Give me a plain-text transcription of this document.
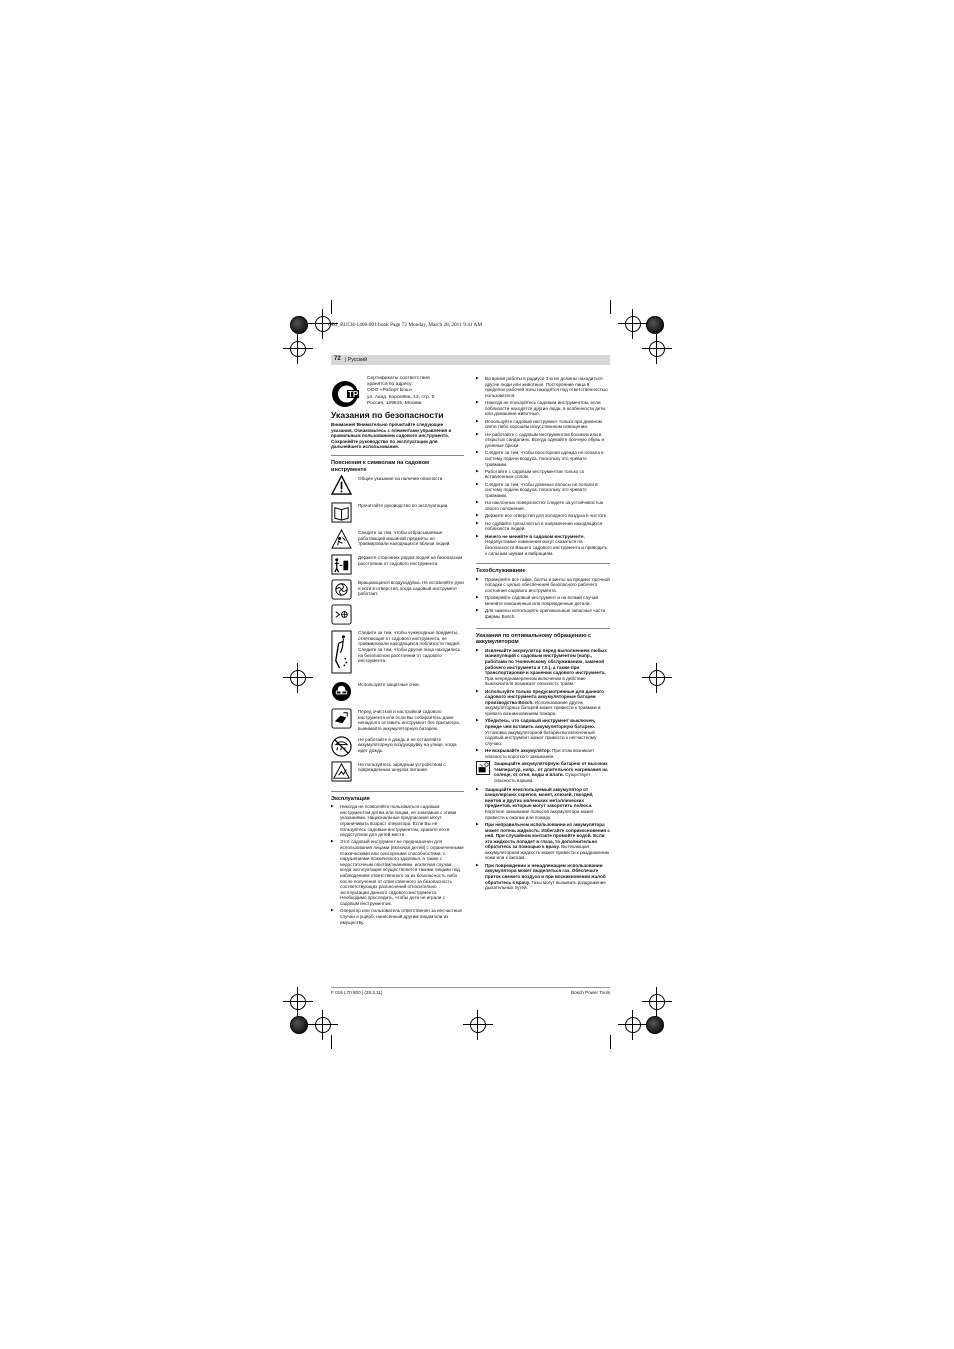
OBJ_BUCH-1406-001.book Page 72 Monday, March 28, 2011 9:41 AM
72 | Русский
ТР
Сертификаты соответствия
хранятся по адресу:
ООО «Роберт Бош»
ул. Акад. Королёва, 13, стр. 5
Россия, 129515, Москва
Указания по безопасности

Внимание! Внимательно прочитайте следующие указания. Ознакомьтесь с элементами управления и правильным пользованием садового инструмента. Сохраняйте руководство по эксплуатации для дальнейшего использования.

Пояснения к символам на садовом инструменте
Общее указание на наличие опасности.
Прочитайте руководство по эксплуатации.
Следите за тем, чтобы отбрасываемые работающей машиной предметы не травмировали находящихся вблизи людей.
Держите сторонних рядом людей на безопасном расстоянии от садового инструмента.
Вращающаяся воздуходувка. Не вставляйте руки и ноги в отверстия, когда садовый инструмент работает.
Следите за тем, чтобы чужеродные предметы, отлетающие от садового инструмента, не травмировали находящихся поблизости людей. Следите за тем, чтобы другие лица находились на безопасном расстоянии от садового инструмента.
Используйте защитные очки.
Перед очисткой и настройкой садового инструмента или если Вы собираетесь даже ненадолго оставить инструмент без присмотра, вынимайте аккумуляторную батарею.
Не работайте в дождь и не оставляйте аккумуляторную воздуходувку на улице, когда идет дождь.
Не пользуйтесь зарядным устройством с поврежденным шнуром питания.
Эксплуатация
▶ Никогда не позволяйте пользоваться садовым инструментом детям или лицам, не знакомым с этими указаниями. Национальные предписания могут ограничивать возраст оператора. Если Вы не пользуйтесь садовым инструментом, храните его в недоступном для детей месте.
▶ Этот садовый инструмент не предназначен для использования лицами (включая детей) с ограниченными психическими или сенсорными способностями, с нарушениями психического здоровья, а также с недостаточным опытом/знаниями, исключая случаи, когда эксплуатация осуществляется такими лицами под наблюдением ответственного за их безопасность либо после получения от ответственного за безопасность соответствующих разъяснений относительно эксплуатации данного садового инструмента. Необходимо проследить, чтобы дети не играли с садовым инструментом.
▶ Оператор или пользователь ответственен за несчастные случаи и ущерб, нанесенный другим лицам или их имуществу.
▶ Во время работы в радиусе 3 м не должны находиться другие люди или животные. Посторонние лица в пределах рабочей зоны находятся под ответственностью пользователя.
▶ Никогда не пользуйтесь садовым инструментом, если поблизости находятся другие люди, в особенности дети, или домашние животные.
▶ Используйте садовый инструмент только при дневном свете либо хорошем искусственном освещении.
▶ Не работайте с садовым инструментом босиком или в открытых сандалиях. Всегда одевайте прочную обувь и длинные брюки.
▶ Следите за тем, чтобы просторная одежда не попала в систему подачи воздуха, поскольку это чревато травмами.
▶ Работайте с садовым инструментом только со вставленным сопом.
▶ Следите за тем, чтобы длинные волосы не попали в систему подачи воздуха, поскольку это чревато травмами.
▶ На наклонных поверхностях следите за устойчивостью своего положения.
▶ Держите все отверстия для холодного воздуха в чистоте.
▶ Не сдувайте грязь/листья в направлении находящихся поблизости людей.
▶ Ничего не меняйте в садовом инструменте. Недопустимые изменения могут сказаться на безопасности Вашего садового инструмента и приводить к сильным шумам и вибрациям.
Техобслуживание
▶ Проверяйте все гайки, болты и винты на предмет прочной посадки с целью обеспечения безопасного рабочего состояния садового инструмента.
▶ Проверяйте садовый инструмент и на всякий случай меняйте изношенные или поврежденные детали.
▶ Для замены используйте оригинальные запасные части фирмы Bosch.
Указания по оптимальному обращению с аккумулятором
▶ Извлекайте аккумулятор перед выполнением любых манипуляций с садовым инструментом (напр., работами по техническому обслуживанию, заменой рабочего инструмента и т.п.), а также при транспортировке и хранении садового инструмента. При непреднамеренном включении в действие выключателя возникает опасность травм.
▶ Используйте только предусмотренные для данного садового инструмента аккумуляторные батареи производства Bosch. Использование других аккумуляторных батарей может привести к травмам и чревато возникновением пожара.
▶ Убедитесь, что садовый инструмент выключен, прежде чем вставить аккумуляторную батарею. Установка аккумуляторной батареи во включенный садовый инструмент может привести к несчастному случаю.
▶ Не вскрывайте аккумулятор. При этом возникает опасность короткого замыкания.
Защищайте аккумуляторную батарею от высоких температур, напр., от длительного нагревания на солнце, от огня, воды и влаги. Существует опасность взрыва.
▶ Защищайте неиспользуемый аккумулятор от канцелярских скрепок, монет, ключей, гвоздей, винтов и других маленьких металлических предметов, которые могут закоротить полюса. Короткое замыкание полюсов аккумулятора может привести к ожогам или пожару.
▶ При неправильном использовании из аккумулятора может потечь жидкость. Избегайте соприкосновения с ней. При случайном контакте промойте водой. Если эта жидкость попадет в глаза, то дополнительно обратитесь за помощью к врачу. Вытекающая аккумуляторная жидкость может привести к раздражению кожи или к ожогам.
▶ При повреждении и ненадлежащем использовании аккумулятора может выделяться газ. Обеспечьте приток свежего воздуха и при возникновении жалоб обратитесь к врачу. Газы могут вызывать раздражение дыхательных путей.
F 016 L70 800 | (28.3.11)	Bosch Power Tools
